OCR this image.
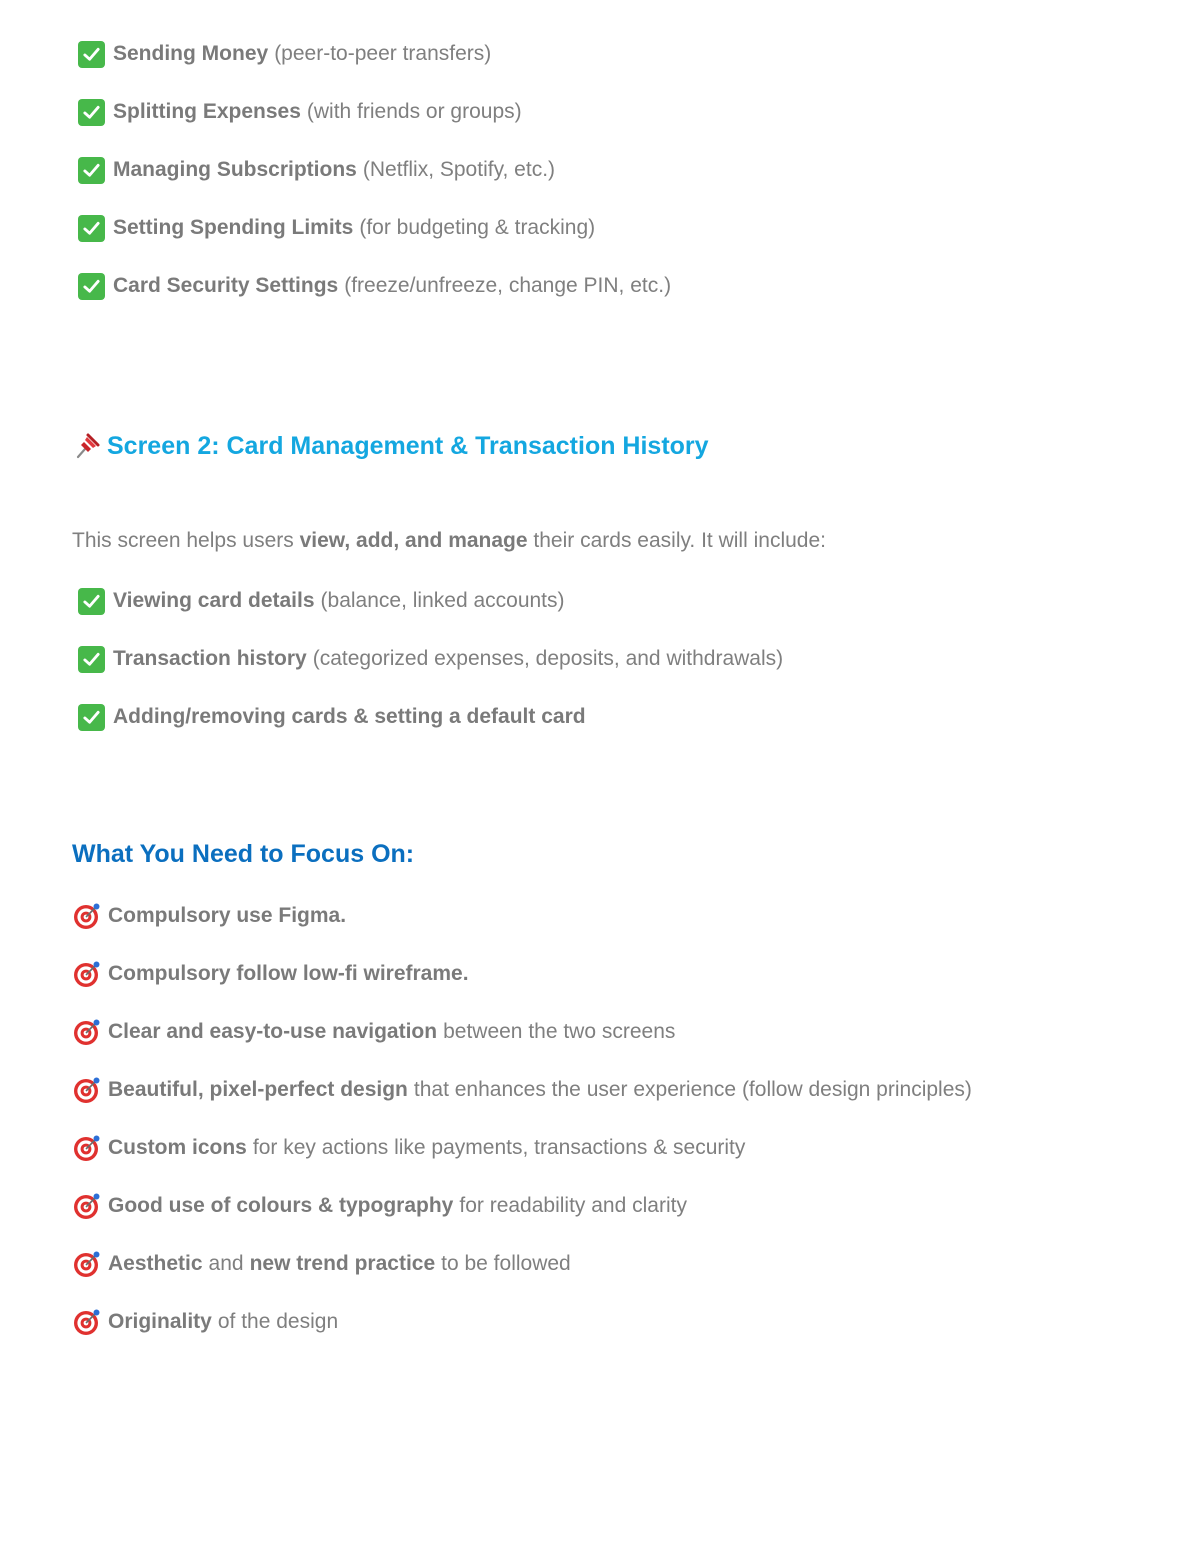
Sending Money (peer-to-peer transfers)
Splitting Expenses (with friends or groups)
Managing Subscriptions (Netflix, Spotify, etc.)
Setting Spending Limits (for budgeting & tracking)
Card Security Settings (freeze/unfreeze, change PIN, etc.)
Screen 2: Card Management & Transaction History
This screen helps users view, add, and manage their cards easily. It will include:
Viewing card details (balance, linked accounts)
Transaction history (categorized expenses, deposits, and withdrawals)
Adding/removing cards & setting a default card
What You Need to Focus On:
Compulsory use Figma.
Compulsory follow low-fi wireframe.
Clear and easy-to-use navigation between the two screens
Beautiful, pixel-perfect design that enhances the user experience (follow design principles)
Custom icons for key actions like payments, transactions & security
Good use of colours & typography for readability and clarity
Aesthetic and new trend practice to be followed
Originality of the design
